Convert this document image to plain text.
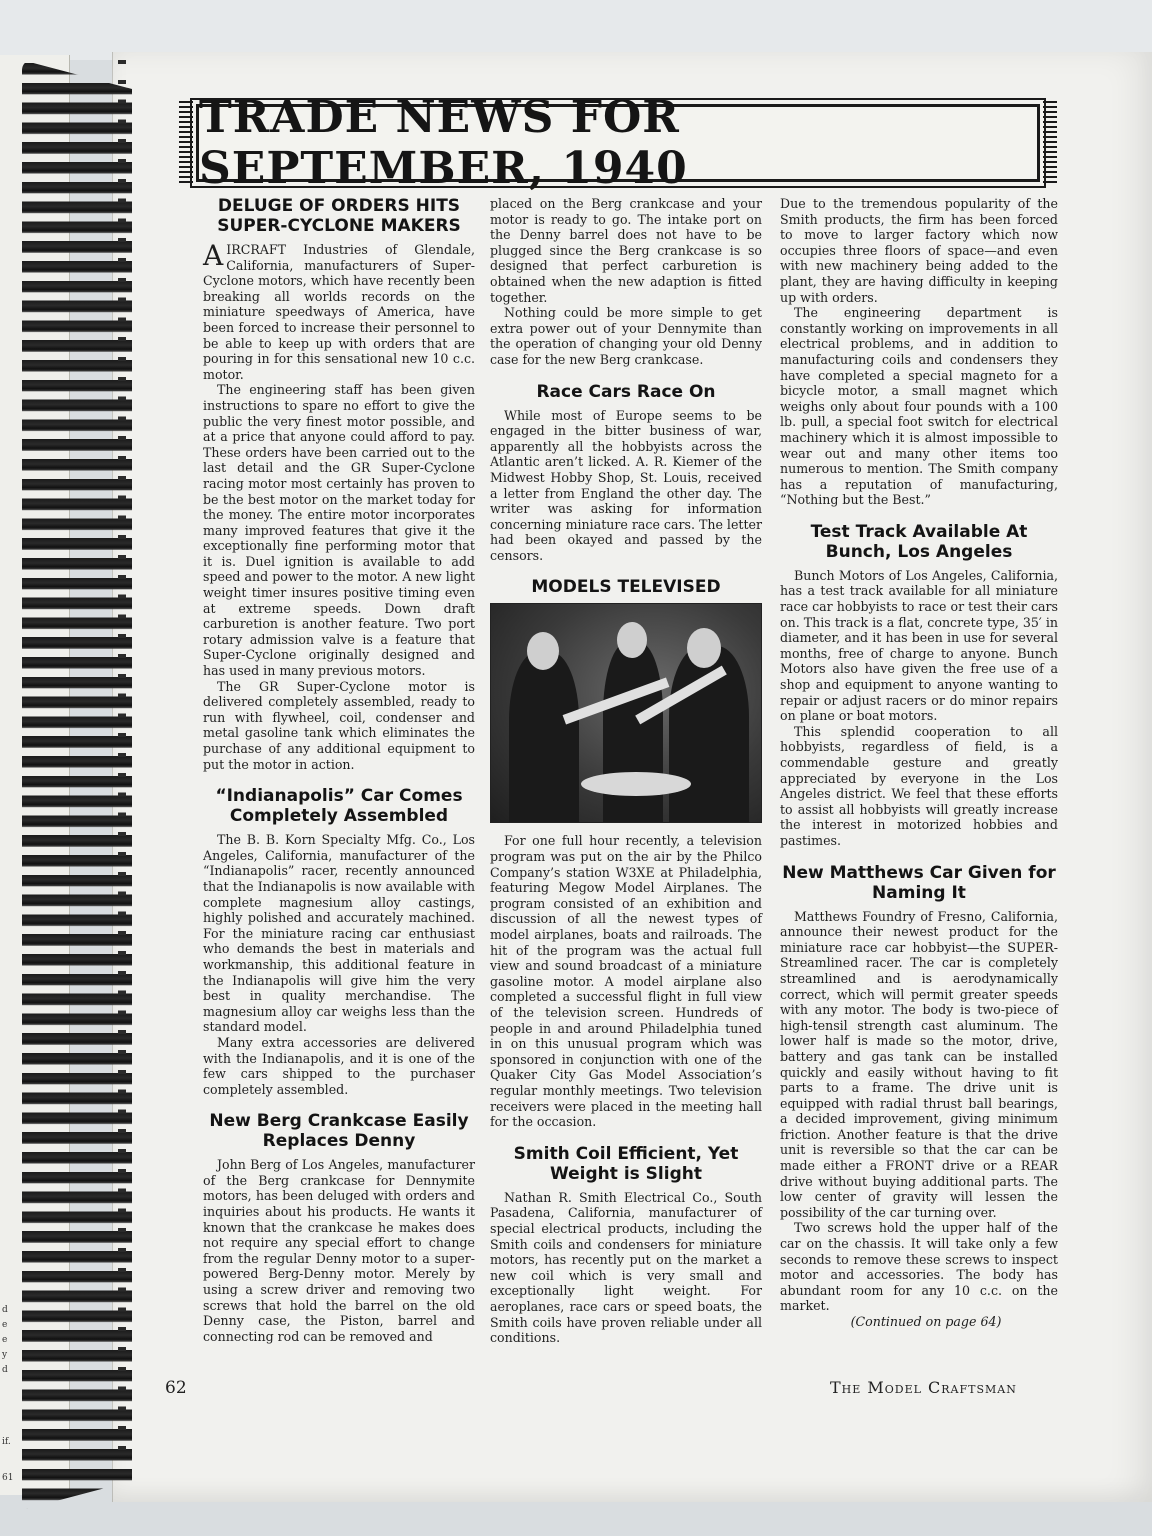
d
e
e
y
d
if.
61
TRADE NEWS FOR SEPTEMBER, 1940
DELUGE OF ORDERS HITS SUPER-CYCLONE MAKERS

AIRCRAFT Industries of Glendale, California, manufacturers of Super-Cyclone motors, which have recently been breaking all worlds records on the miniature speedways of America, have been forced to increase their personnel to be able to keep up with orders that are pouring in for this sensational new 10 c.c. motor.

The engineering staff has been given instructions to spare no effort to give the public the very finest motor possible, and at a price that anyone could afford to pay. These orders have been carried out to the last detail and the GR Super-Cyclone racing motor most certainly has proven to be the best motor on the market today for the money. The entire motor incorporates many improved features that give it the exceptionally fine performing motor that it is. Duel ignition is available to add speed and power to the motor. A new light weight timer insures positive timing even at extreme speeds. Down draft carburetion is another feature. Two port rotary admission valve is a feature that Super-Cyclone originally designed and has used in many previous motors.

The GR Super-Cyclone motor is delivered completely assembled, ready to run with flywheel, coil, condenser and metal gasoline tank which eliminates the purchase of any additional equipment to put the motor in action.

“Indianapolis” Car Comes Completely Assembled

The B. B. Korn Specialty Mfg. Co., Los Angeles, California, manufacturer of the “Indianapolis” racer, recently announced that the Indianapolis is now available with complete magnesium alloy castings, highly polished and accurately machined. For the miniature racing car enthusiast who demands the best in materials and workmanship, this additional feature in the Indianapolis will give him the very best in quality merchandise. The magnesium alloy car weighs less than the standard model.

Many extra accessories are delivered with the Indianapolis, and it is one of the few cars shipped to the purchaser completely assembled.

New Berg Crankcase Easily Replaces Denny

John Berg of Los Angeles, manufacturer of the Berg crankcase for Dennymite motors, has been deluged with orders and inquiries about his products. He wants it known that the crankcase he makes does not require any special effort to change from the regular Denny motor to a super-powered Berg-Denny motor. Merely by using a screw driver and removing two screws that hold the barrel on the old Denny case, the Piston, barrel and connecting rod can be removed and

placed on the Berg crankcase and your motor is ready to go. The intake port on the Denny barrel does not have to be plugged since the Berg crankcase is so designed that perfect carburetion is obtained when the new adaption is fitted together.

Nothing could be more simple to get extra power out of your Dennymite than the operation of changing your old Denny case for the new Berg crankcase.

Race Cars Race On

While most of Europe seems to be engaged in the bitter business of war, apparently all the hobbyists across the Atlantic aren’t licked. A. R. Kiemer of the Midwest Hobby Shop, St. Louis, received a letter from England the other day. The writer was asking for information concerning miniature race cars. The letter had been okayed and passed by the censors.

MODELS TELEVISED

For one full hour recently, a television program was put on the air by the Philco Company’s station W3XE at Philadelphia, featuring Megow Model Airplanes. The program consisted of an exhibition and discussion of all the newest types of model airplanes, boats and railroads. The hit of the program was the actual full view and sound broadcast of a miniature gasoline motor. A model airplane also completed a successful flight in full view of the television screen. Hundreds of people in and around Philadelphia tuned in on this unusual program which was sponsored in conjunction with one of the Quaker City Gas Model Association’s regular monthly meetings. Two television receivers were placed in the meeting hall for the occasion.

Smith Coil Efficient, Yet Weight is Slight

Nathan R. Smith Electrical Co., South Pasadena, California, manufacturer of special electrical products, including the Smith coils and condensers for miniature motors, has recently put on the market a new coil which is very small and exceptionally light weight. For aeroplanes, race cars or speed boats, the Smith coils have proven reliable under all conditions.

Due to the tremendous popularity of the Smith products, the firm has been forced to move to larger factory which now occupies three floors of space—and even with new machinery being added to the plant, they are having difficulty in keeping up with orders.

The engineering department is constantly working on improvements in all electrical problems, and in addition to manufacturing coils and condensers they have completed a special magneto for a bicycle motor, a small magnet which weighs only about four pounds with a 100 lb. pull, a special foot switch for electrical machinery which it is almost impossible to wear out and many other items too numerous to mention. The Smith company has a reputation of manufacturing, “Nothing but the Best.”

Test Track Available At Bunch, Los Angeles

Bunch Motors of Los Angeles, California, has a test track available for all miniature race car hobbyists to race or test their cars on. This track is a flat, concrete type, 35′ in diameter, and it has been in use for several months, free of charge to anyone. Bunch Motors also have given the free use of a shop and equipment to anyone wanting to repair or adjust racers or do minor repairs on plane or boat motors.

This splendid cooperation to all hobbyists, regardless of field, is a commendable gesture and greatly appreciated by everyone in the Los Angeles district. We feel that these efforts to assist all hobbyists will greatly increase the interest in motorized hobbies and pastimes.

New Matthews Car Given for Naming It

Matthews Foundry of Fresno, California, announce their newest product for the miniature race car hobbyist—the SUPER-Streamlined racer. The car is completely streamlined and is aerodynamically correct, which will permit greater speeds with any motor. The body is two-piece of high-tensil strength cast aluminum. The lower half is made so the motor, drive, battery and gas tank can be installed quickly and easily without having to fit parts to a frame. The drive unit is equipped with radial thrust ball bearings, a decided improvement, giving minimum friction. Another feature is that the drive unit is reversible so that the car can be made either a FRONT drive or a REAR drive without buying additional parts. The low center of gravity will lessen the possibility of the car turning over.

Two screws hold the upper half of the car on the chassis. It will take only a few seconds to remove these screws to inspect motor and accessories. The body has abundant room for any 10 c.c. on the market.

(Continued on page 64)

62	The Model Craftsman
